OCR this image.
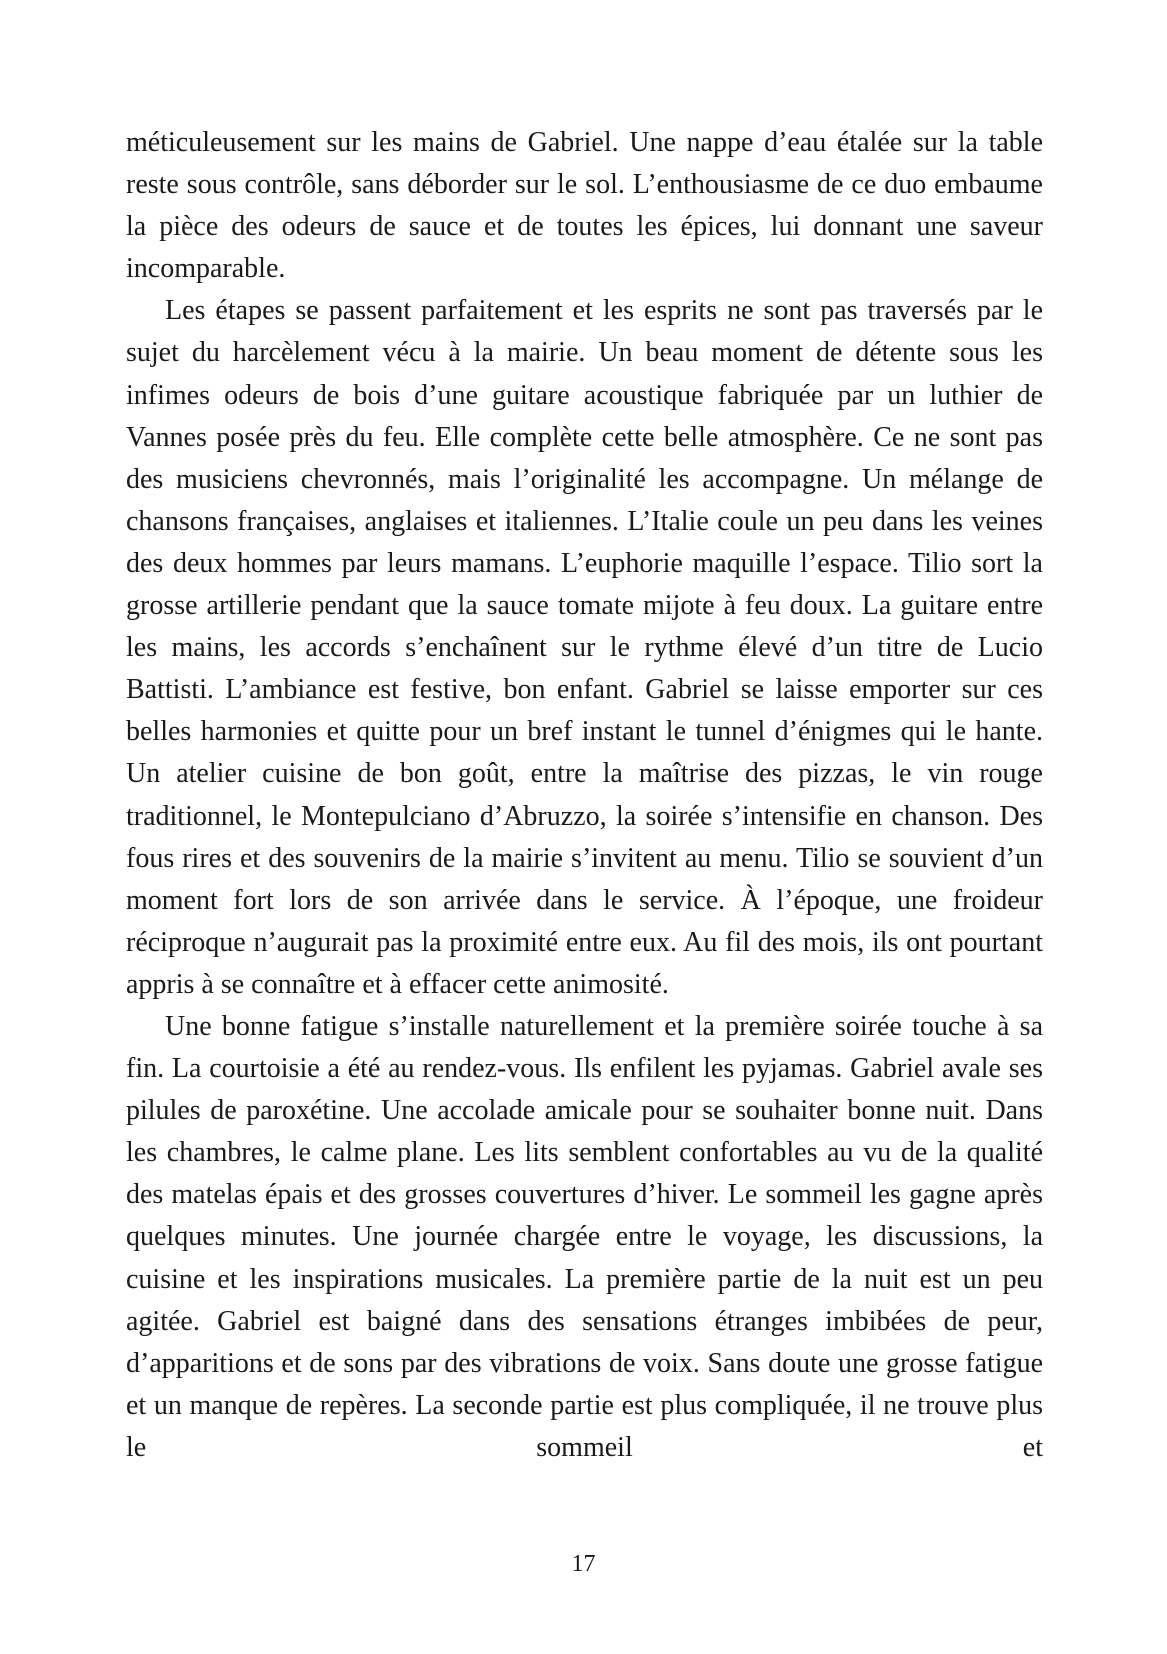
méticuleusement sur les mains de Gabriel. Une nappe d’eau étalée sur la table reste sous contrôle, sans déborder sur le sol. L’enthousiasme de ce duo embaume la pièce des odeurs de sauce et de toutes les épices, lui donnant une saveur incomparable.

Les étapes se passent parfaitement et les esprits ne sont pas traversés par le sujet du harcèlement vécu à la mairie. Un beau moment de détente sous les infimes odeurs de bois d’une guitare acoustique fabriquée par un luthier de Vannes posée près du feu. Elle complète cette belle atmosphère. Ce ne sont pas des musiciens chevronnés, mais l’originalité les accompagne. Un mélange de chansons françaises, anglaises et italiennes. L’Italie coule un peu dans les veines des deux hommes par leurs mamans. L’euphorie maquille l’espace. Tilio sort la grosse artillerie pendant que la sauce tomate mijote à feu doux. La guitare entre les mains, les accords s’enchaînent sur le rythme élevé d’un titre de Lucio Battisti. L’ambiance est festive, bon enfant. Gabriel se laisse emporter sur ces belles harmonies et quitte pour un bref instant le tunnel d’énigmes qui le hante. Un atelier cuisine de bon goût, entre la maîtrise des pizzas, le vin rouge traditionnel, le Montepulciano d’Abruzzo, la soirée s’intensifie en chanson. Des fous rires et des souvenirs de la mairie s’invitent au menu. Tilio se souvient d’un moment fort lors de son arrivée dans le service. À l’époque, une froideur réciproque n’augurait pas la proximité entre eux. Au fil des mois, ils ont pourtant appris à se connaître et à effacer cette animosité.

Une bonne fatigue s’installe naturellement et la première soirée touche à sa fin. La courtoisie a été au rendez-vous. Ils enfilent les pyjamas. Gabriel avale ses pilules de paroxétine. Une accolade amicale pour se souhaiter bonne nuit. Dans les chambres, le calme plane. Les lits semblent confortables au vu de la qualité des matelas épais et des grosses couvertures d’hiver. Le sommeil les gagne après quelques minutes. Une journée chargée entre le voyage, les discussions, la cuisine et les inspirations musicales. La première partie de la nuit est un peu agitée. Gabriel est baigné dans des sensations étranges imbibées de peur, d’apparitions et de sons par des vibrations de voix. Sans doute une grosse fatigue et un manque de repères. La seconde partie est plus compliquée, il ne trouve plus le sommeil et

17
